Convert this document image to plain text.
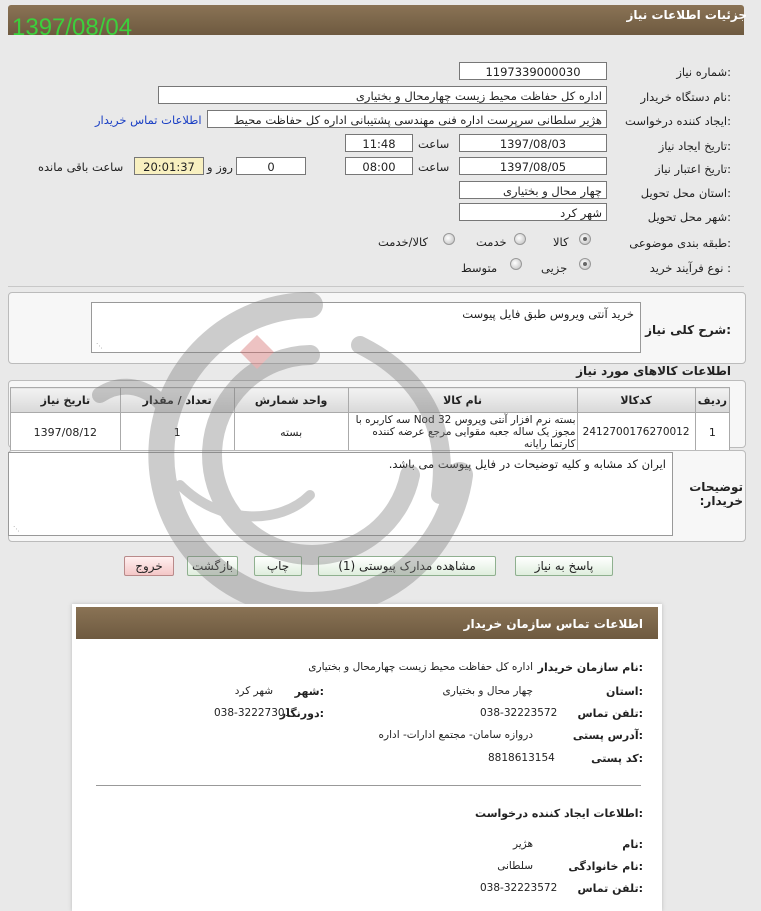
جزئیات اطلاعات نیاز
1397/08/04
شماره نیاز:
1197339000030
نام دستگاه خریدار:
اداره کل حفاظت محیط زیست چهارمحال و بختیاری
ایجاد کننده درخواست:
هژیر سلطانی سرپرست اداره فنی مهندسی پشتیبانی اداره کل حفاظت محیط
اطلاعات تماس خریدار
تاریخ ایجاد نیاز:
1397/08/03
ساعت
11:48
تاریخ اعتبار نیاز:
1397/08/05
ساعت
08:00
0
روز و
20:01:37
ساعت باقی مانده
استان محل تحویل:
چهار محال و بختیاری
شهر محل تحویل:
شهر کرد
طبقه بندی موضوعی:
کالا
خدمت
کالا/خدمت
نوع فرآیند خرید :
جزیی
متوسط
خرید آنتی ویروس طبق فایل پیوست
⋰
شرح کلی نیاز:
اطلاعات کالاهای مورد نیاز
ردیف	کدکالا	نام کالا	واحد شمارش	تعداد / مقدار	تاریخ نیاز
1	2412700176270012	بسته نرم افزار آنتی ویروس Nod 32 سه کاربره با مجوز یک ساله جعبه مقوایی مرجع عرضه کننده کارتما رایانه	بسته	1	1397/08/12
ایران کد مشابه و کلیه توضیحات در فایل پیوست می باشد.
⋰
توضیحات خریدار:
پاسخ به نیاز
مشاهده مدارک پیوستی (1)
چاپ
بازگشت
خروج
اطلاعات تماس سازمان خریدار
نام سازمان خریدار:
اداره کل حفاظت محیط زیست چهارمحال و بختیاری
استان:
چهار محال و بختیاری
شهر:
شهر کرد
تلفن تماس:
038-32223572
دورنگار:
038-32227301
آدرس پستی:
دروازه سامان- مجتمع ادارات- اداره
کد پستی:
8818613154
اطلاعات ایجاد کننده درخواست:
نام:
هژیر
نام خانوادگی:
سلطانی
تلفن تماس:
038-32223572
